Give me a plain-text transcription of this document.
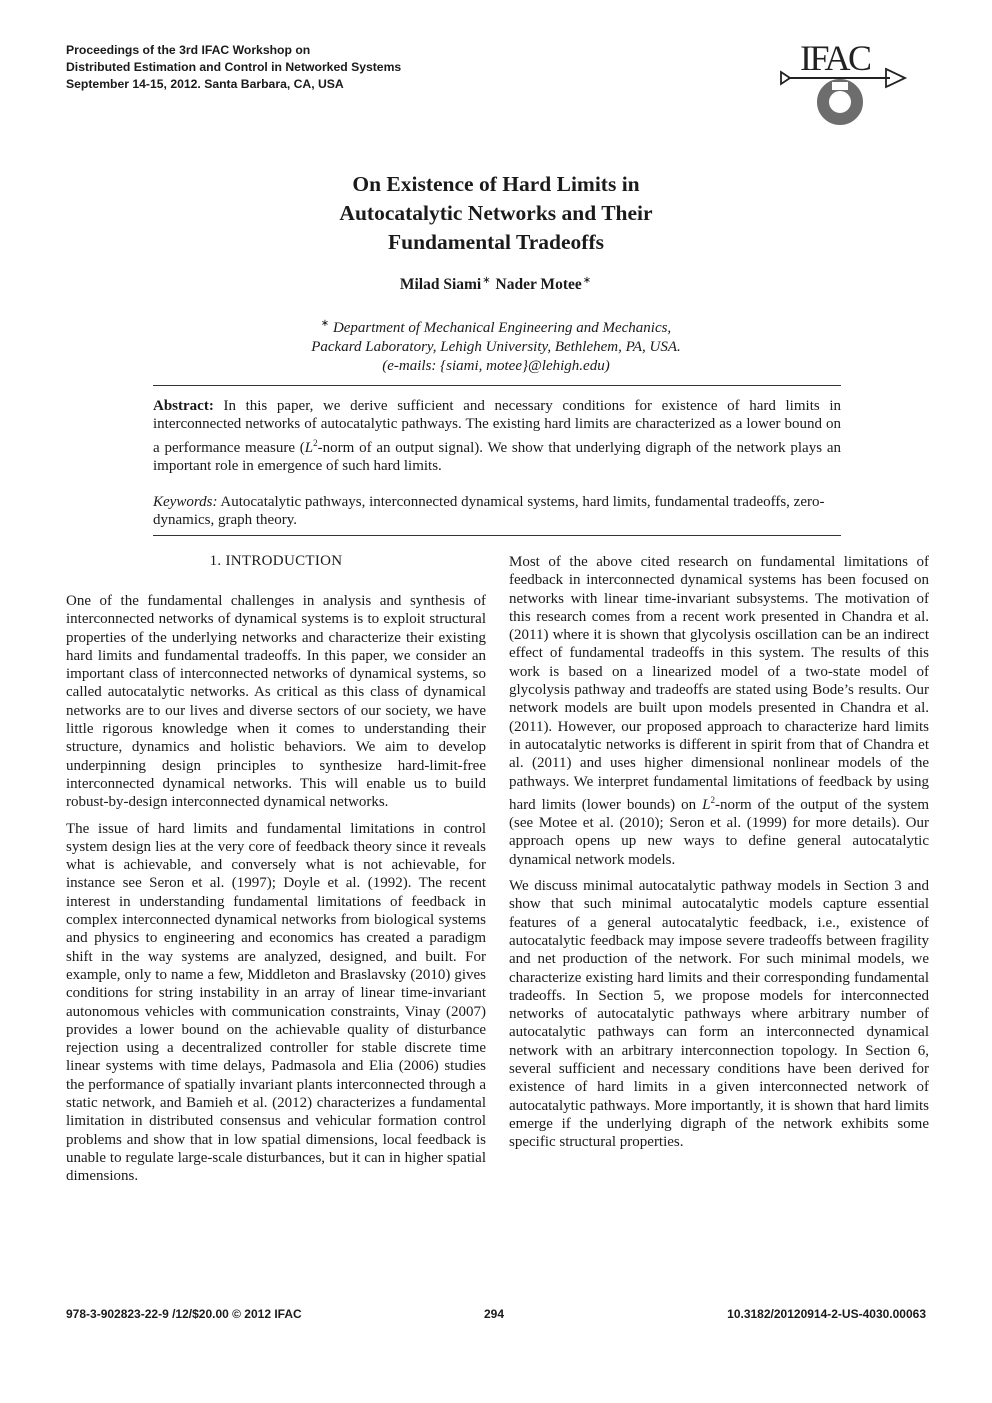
Proceedings of the 3rd IFAC Workshop on
Distributed Estimation and Control in Networked Systems
September 14-15, 2012. Santa Barbara, CA, USA
IFAC
On Existence of Hard Limits in
Autocatalytic Networks and Their
Fundamental Tradeoffs
Milad Siami∗ Nader Motee∗
∗ Department of Mechanical Engineering and Mechanics,
Packard Laboratory, Lehigh University, Bethlehem, PA, USA.
(e-mails: {siami, motee}@lehigh.edu)
Abstract: In this paper, we derive sufficient and necessary conditions for existence of hard limits in interconnected networks of autocatalytic pathways. The existing hard limits are characterized as a lower bound on a performance measure ($L^2$-norm of an output signal). We show that underlying digraph of the network plays an important role in emergence of such hard limits.
Keywords: Autocatalytic pathways, interconnected dynamical systems, hard limits, fundamental tradeoffs, zero-dynamics, graph theory.
1. INTRODUCTION

One of the fundamental challenges in analysis and synthesis of interconnected networks of dynamical systems is to exploit structural properties of the underlying networks and characterize their existing hard limits and fundamental tradeoffs. In this paper, we consider an important class of interconnected networks of dynamical systems, so called autocatalytic networks. As critical as this class of dynamical networks are to our lives and diverse sectors of our society, we have little rigorous knowledge when it comes to understanding their structure, dynamics and holistic behaviors. We aim to develop underpinning design principles to synthesize hard-limit-free interconnected dynamical networks. This will enable us to build robust-by-design interconnected dynamical networks.

The issue of hard limits and fundamental limitations in control system design lies at the very core of feedback theory since it reveals what is achievable, and conversely what is not achievable, for instance see Seron et al. (1997); Doyle et al. (1992). The recent interest in understanding fundamental limitations of feedback in complex interconnected dynamical networks from biological systems and physics to engineering and economics has created a paradigm shift in the way systems are analyzed, designed, and built. For example, only to name a few, Middleton and Braslavsky (2010) gives conditions for string instability in an array of linear time-invariant autonomous vehicles with communication constraints, Vinay (2007) provides a lower bound on the achievable quality of disturbance rejection using a decentralized controller for stable discrete time linear systems with time delays, Padmasola and Elia (2006) studies the performance of spatially invariant plants interconnected through a static network, and Bamieh et al. (2012) characterizes a fundamental limitation in distributed consensus and vehicular formation control problems and show that in low spatial dimensions, local feedback is unable to regulate large-scale disturbances, but it can in higher spatial dimensions.

Most of the above cited research on fundamental limitations of feedback in interconnected dynamical systems has been focused on networks with linear time-invariant subsystems. The motivation of this research comes from a recent work presented in Chandra et al. (2011) where it is shown that glycolysis oscillation can be an indirect effect of fundamental tradeoffs in this system. The results of this work is based on a linearized model of a two-state model of glycolysis pathway and tradeoffs are stated using Bode’s results. Our network models are built upon models presented in Chandra et al. (2011). However, our proposed approach to characterize hard limits in autocatalytic networks is different in spirit from that of Chandra et al. (2011) and uses higher dimensional nonlinear models of the pathways. We interpret fundamental limitations of feedback by using hard limits (lower bounds) on $L^2$-norm of the output of the system (see Motee et al. (2010); Seron et al. (1999) for more details). Our approach opens up new ways to define general autocatalytic dynamical network models.

We discuss minimal autocatalytic pathway models in Section 3 and show that such minimal autocatalytic models capture essential features of a general autocatalytic feedback, i.e., existence of autocatalytic feedback may impose severe tradeoffs between fragility and net production of the network. For such minimal models, we characterize existing hard limits and their corresponding fundamental tradeoffs. In Section 5, we propose models for interconnected networks of autocatalytic pathways where arbitrary number of autocatalytic pathways can form an interconnected dynamical network with an arbitrary interconnection topology. In Section 6, several sufficient and necessary conditions have been derived for existence of hard limits in a given interconnected network of autocatalytic pathways. More importantly, it is shown that hard limits emerge if the underlying digraph of the network exhibits some specific structural properties.

978-3-902823-22-9 /12/$20.00 © 2012 IFAC	294	10.3182/20120914-2-US-4030.00063
